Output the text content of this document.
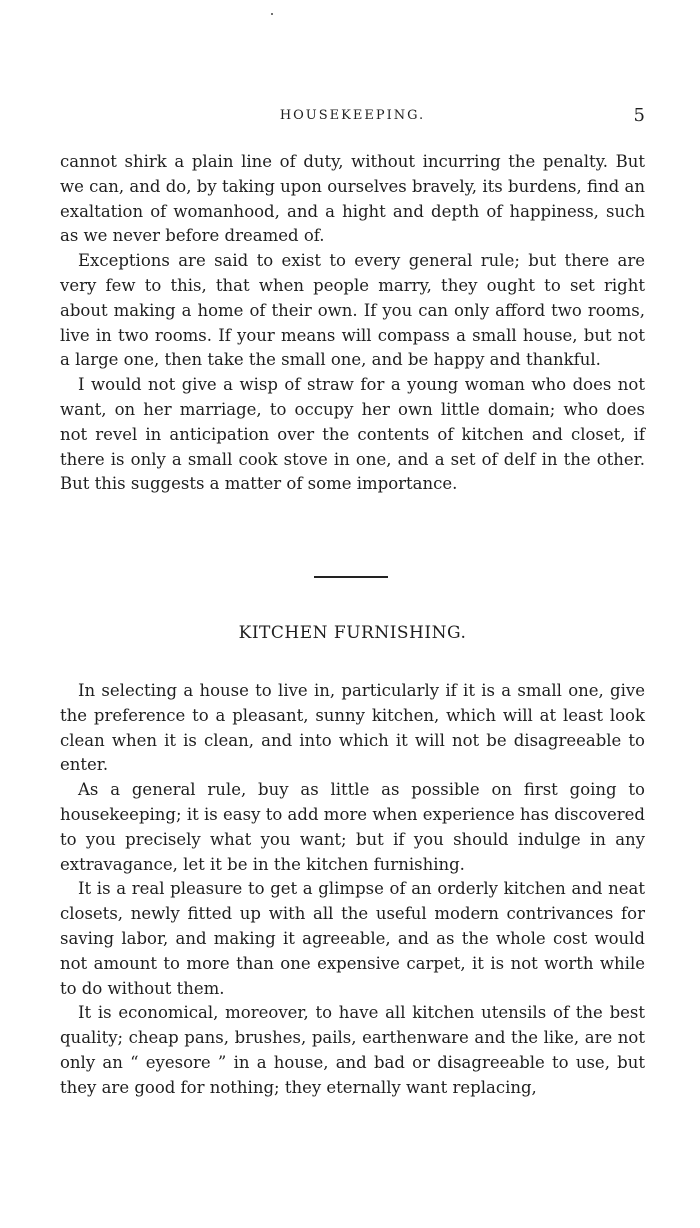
HOUSEKEEPING.	5

cannot shirk a plain line of duty, without incurring the penalty. But we can, and do, by taking upon ourselves bravely, its burdens, find an exaltation of womanhood, and a hight and depth of happiness, such as we never before dreamed of.

Exceptions are said to exist to every general rule; but there are very few to this, that when people marry, they ought to set right about making a home of their own. If you can only afford two rooms, live in two rooms. If your means will compass a small house, but not a large one, then take the small one, and be happy and thankful.

I would not give a wisp of straw for a young woman who does not want, on her marriage, to occupy her own little domain; who does not revel in anticipation over the contents of kitchen and closet, if there is only a small cook stove in one, and a set of delf in the other. But this suggests a matter of some importance.

KITCHEN FURNISHING.

In selecting a house to live in, particularly if it is a small one, give the preference to a pleasant, sunny kitchen, which will at least look clean when it is clean, and into which it will not be disagreeable to enter.

As a general rule, buy as little as possible on first going to housekeeping; it is easy to add more when experience has discovered to you precisely what you want; but if you should indulge in any extravagance, let it be in the kitchen furnishing.

It is a real pleasure to get a glimpse of an orderly kitchen and neat closets, newly fitted up with all the useful modern contrivances for saving labor, and making it agreeable, and as the whole cost would not amount to more than one expensive carpet, it is not worth while to do without them.

It is economical, moreover, to have all kitchen utensils of the best quality; cheap pans, brushes, pails, earthenware and the like, are not only an “ eyesore ” in a house, and bad or disagreeable to use, but they are good for nothing; they eternally want replacing,
